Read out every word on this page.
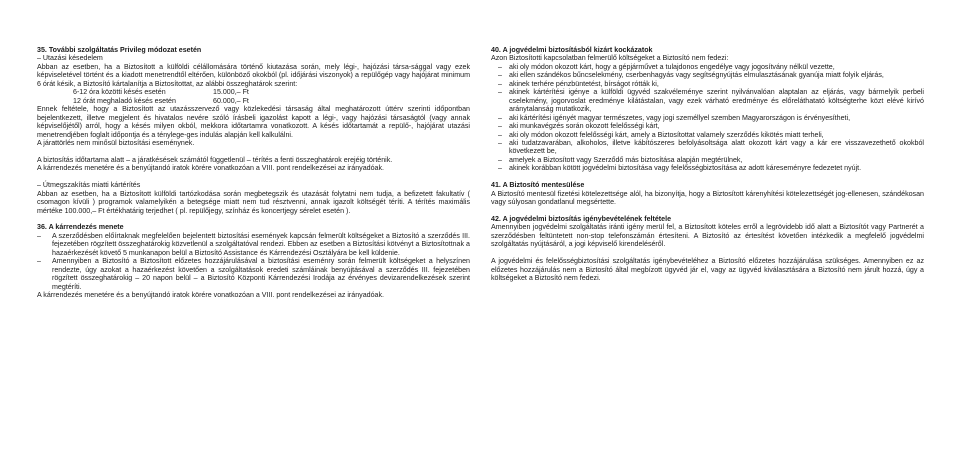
35. További szolgáltatás Privileg módozat esetén

– Utazási késedelem

Abban az esetben, ha a Biztosított a külföldi célállomására történő kiutazása során, mely légi-, hajózási társa-sággal vagy ezek képviseletével történt és a kiadott menetrendtől eltérően, különböző okokból (pl. időjárási viszonyok) a repülőgép vagy hajójárat minimum 6 órát késik, a Biztosító kártalanítja a Biztosítottat, az alábbi összeghatárok szerint:

6-12 óra közötti késés esetén	15.000,– Ft
12 órát meghaladó késés esetén	60.000,– Ft

Ennek feltétele, hogy a Biztosított az utazásszervező vagy közlekedési társaság által meghatározott úttérv szerinti időpontban bejelentkezett, illetve megjelent és hivatalos nevére szóló írásbeli igazolást kapott a légi-, vagy hajózási társaságtól (vagy annak képviselőjétől) arról, hogy a késés milyen okból, mekkora időtartamra vonatkozott. A késés időtartamát a repülő-, hajójárat utazási menetrendjében foglalt időpontja és a ténylege-ges indulás alapján kell kalkulálni.

A járattörlés nem minősül biztosítási eseménynek.

A biztosítás időtartama alatt – a járatkésések számától függetlenül – térítés a fenti összeghatárok erejéig történik.

A kárrendezés menetére és a benyújtandó iratok körére vonatkozóan a VIII. pont rendelkezései az irányadóak.

– Útmegszakítás miatti kártérítés

Abban az esetben, ha a Biztosított külföldi tartózkodása során megbetegszik és utazását folytatni nem tudja, a befizetett fakultatív ( csomagon kívüli ) programok valamelyikén a betegsége miatt nem tud résztvenni, annak igazolt költségét téríti. A térítés maximális mértéke 100.000,– Ft értékhatárig terjedhet ( pl. repülőjegy, színház és koncertjegy sérelet esetén ).

36. A kárrendezés menete

–	A szerződésben előírtaknak megfelelően bejelentett biztosítási események kapcsán felmerült költségeket a Biztosító a szerződés III. fejezetében rögzített összeghatárokig közvetlenül a szolgáltatóval rendezi. Ebben az esetben a Biztosítási kötvényt a Biztosítottnak a hazaérkezését követő 5 munkanapon belül a Biztosító Assistance és Kárrendezési Osztályára be kell küldenie.
–	Amennyiben a Biztosító a Biztosított előzetes hozzájárulásával a biztosítási eseménry során felmerült költségeket a helyszínen rendezte, úgy azokat a hazaérkezést követően a szolgáltatások eredeti számláinak benyújtásával a szerződés III. fejezetében rögzített összeghatárokig – 20 napon belül – a Biztosító Központi Kárrendezési Irodája az érvényes devizarendelkezések szerint megtéríti.

A kárrendezés menetére és a benyújtandó iratok körére vonatkozóan a VIII. pont rendelkezései az irányadóak.

40. A jogvédelmi biztosításból kizárt kockázatok

Azon Biztosítotti kapcsolatban felmerülő költségeket a Biztosító nem fedezi:

– aki oly módon okozott kárt, hogy a gépjárművet a tulajdonos engedélye vagy jogosítvány nélkül vezette,
– aki ellen szándékos bűncselekmény, cserbenhagyás vagy segítségnyújtás elmulasztásának gyanúja miatt folyik eljárás,
– akinek terhére pénzbüntetést, bírságot rótták ki,
– akinek kártérítési igénye a külföldi ügyvéd szakvéleménye szerint nyilvánvalóan alaptalan az eljárás, vagy bármelyik perbeli cselekmény, jogorvoslat eredménye kilátástalan, vagy ezek várható eredménye és előreláthatató költségterhe közt elévé kirívó aránytalanság mutatkozik,
– aki kártérítési igényét magyar természetes, vagy jogi személlyel szemben Magyarországon is érvényesítheti,
– aki munkavégzés során okozott felelősségi kárt,
– aki oly módon okozott felelősségi kárt, amely a Biztosítottat valamely szerződés kikötés miatt terheli,
– aki tudatzavarában, alkoholos, illetve kábítószeres befolyásoltsága alatt okozott kárt vagy a kár ere visszavezethető okokból következett be,
– amelyek a Biztosított vagy Szerződő más biztosítása alapján megtérülnek,
– akinek korábban kötött jogvédelmi biztosítása vagy felelősségbiztosítása az adott káreseményre fedezetet nyújt.

41. A Biztosító mentesülése

A Biztosító mentesül fizetési kötelezettsége alól, ha bizonyítja, hogy a Biztosított kárenyhítési kötelezettségét jog-ellenesen, szándékosan vagy súlyosan gondatlanul megsértette.

42. A jogvédelmi biztosítás igénybevételének feltétele

Amennyiben jogvédelmi szolgáltatás iránti igény merül fel, a Biztosított köteles erről a legrövidebb idő alatt a Biztosítót vagy Partnerét a szerződésben feltüntetett non-stop telefonszámán értesíteni. A Biztosító az értesítést követően intézkedik a megfelelő jogvédelmi szolgáltatás nyújtásáról, a jogi képviselő kirendeléséről.

A jogvédelmi és felelősségbiztosítási szolgáltatás igénybevételéhez a Biztosító előzetes hozzájárulása szükséges. Amennyiben ez az előzetes hozzájárulás nem a Biztosító által megbízott ügyvéd jár el, vagy az ügyvéd kiválasztására a Biztosító nem járult hozzá, úgy a költségeket a Biztosító nem fedezi.
